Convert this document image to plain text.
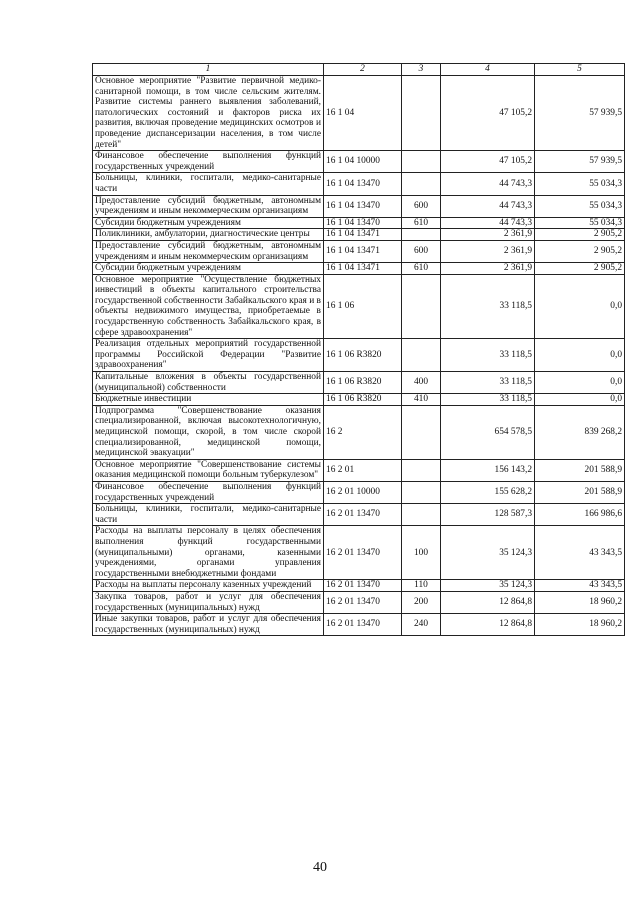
1	2	3	4	5
Основное мероприятие "Развитие первичной медико-санитарной помощи, в том числе сельским жителям. Развитие системы раннего выявления заболеваний, патологических состояний и факторов риска их развития, включая проведение медицинских осмотров и проведение диспансеризации населения, в том числе детей"	16 1 04		47 105,2	57 939,5
Финансовое обеспечение выполнения функций государственных учреждений	16 1 04 10000		47 105,2	57 939,5
Больницы, клиники, госпитали, медико-санитарные части	16 1 04 13470		44 743,3	55 034,3
Предоставление субсидий бюджетным, автономным учреждениям и иным некоммерческим организациям	16 1 04 13470	600	44 743,3	55 034,3
Субсидии бюджетным учреждениям	16 1 04 13470	610	44 743,3	55 034,3
Поликлиники, амбулатории, диагностические центры	16 1 04 13471		2 361,9	2 905,2
Предоставление субсидий бюджетным, автономным учреждениям и иным некоммерческим организациям	16 1 04 13471	600	2 361,9	2 905,2
Субсидии бюджетным учреждениям	16 1 04 13471	610	2 361,9	2 905,2
Основное мероприятие "Осуществление бюджетных инвестиций в объекты капитального строительства государственной собственности Забайкальского края и в объекты недвижимого имущества, приобретаемые в государственную собственность Забайкальского края, в сфере здравоохранения"	16 1 06		33 118,5	0,0
Реализация отдельных мероприятий государственной программы Российской Федерации "Развитие здравоохранения"	16 1 06 R3820		33 118,5	0,0
Капитальные вложения в объекты государственной (муниципальной) собственности	16 1 06 R3820	400	33 118,5	0,0
Бюджетные инвестиции	16 1 06 R3820	410	33 118,5	0,0
Подпрограмма "Совершенствование оказания специализированной, включая высокотехнологичную, медицинской помощи, скорой, в том числе скорой специализированной, медицинской помощи, медицинской эвакуации"	16 2		654 578,5	839 268,2
Основное мероприятие "Совершенствование системы оказания медицинской помощи больным туберкулезом"	16 2 01		156 143,2	201 588,9
Финансовое обеспечение выполнения функций государственных учреждений	16 2 01 10000		155 628,2	201 588,9
Больницы, клиники, госпитали, медико-санитарные части	16 2 01 13470		128 587,3	166 986,6
Расходы на выплаты персоналу в целях обеспечения выполнения функций государственными (муниципальными) органами, казенными учреждениями, органами управления государственными внебюджетными фондами	16 2 01 13470	100	35 124,3	43 343,5
Расходы на выплаты персоналу казенных учреждений	16 2 01 13470	110	35 124,3	43 343,5
Закупка товаров, работ и услуг для обеспечения государственных (муниципальных) нужд	16 2 01 13470	200	12 864,8	18 960,2
Иные закупки товаров, работ и услуг для обеспечения государственных (муниципальных) нужд	16 2 01 13470	240	12 864,8	18 960,2
40
